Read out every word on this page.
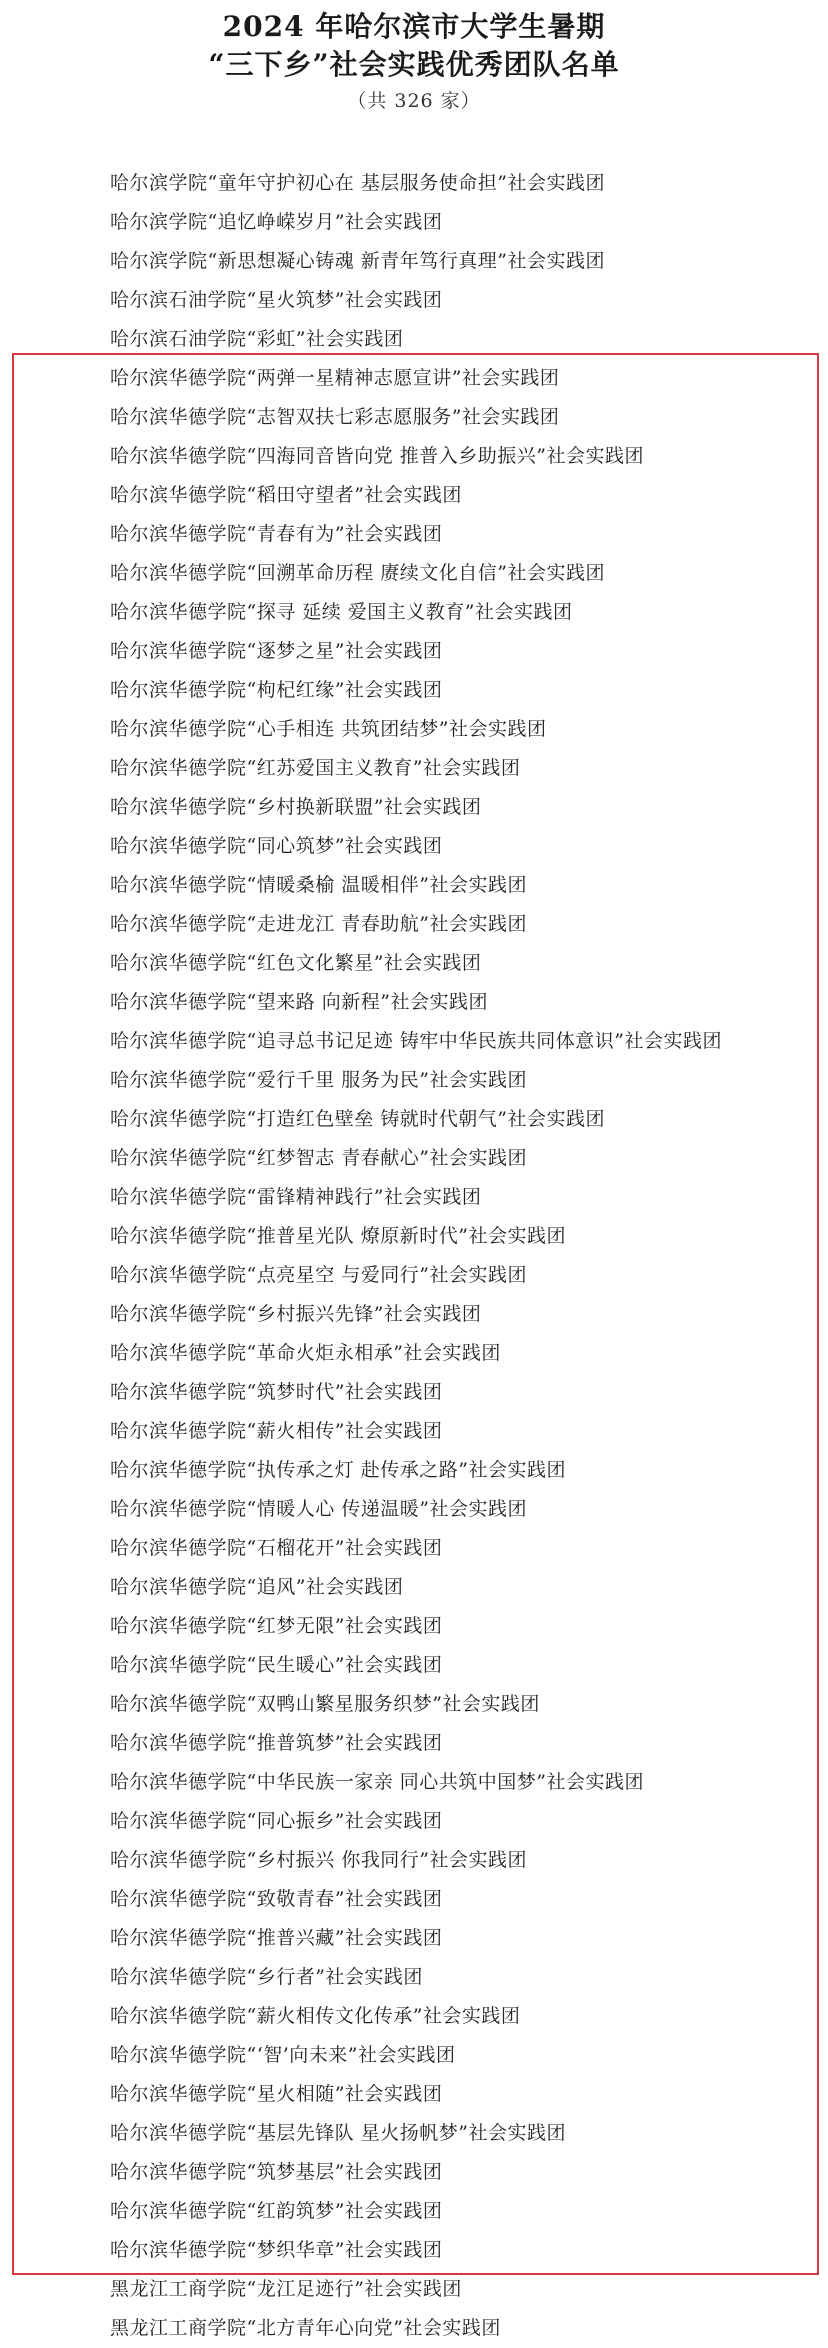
2024 年哈尔滨市大学生暑期
“三下乡”社会实践优秀团队名单
（共 326 家）
哈尔滨学院“童年守护初心在 基层服务使命担”社会实践团
哈尔滨学院“追忆峥嵘岁月”社会实践团
哈尔滨学院“新思想凝心铸魂 新青年笃行真理”社会实践团
哈尔滨石油学院“星火筑梦”社会实践团
哈尔滨石油学院“彩虹”社会实践团
哈尔滨华德学院“两弹一星精神志愿宣讲”社会实践团
哈尔滨华德学院“志智双扶七彩志愿服务”社会实践团
哈尔滨华德学院“四海同音皆向党 推普入乡助振兴”社会实践团
哈尔滨华德学院“稻田守望者”社会实践团
哈尔滨华德学院“青春有为”社会实践团
哈尔滨华德学院“回溯革命历程 赓续文化自信”社会实践团
哈尔滨华德学院“探寻 延续 爱国主义教育”社会实践团
哈尔滨华德学院“逐梦之星”社会实践团
哈尔滨华德学院“枸杞红缘”社会实践团
哈尔滨华德学院“心手相连 共筑团结梦”社会实践团
哈尔滨华德学院“红苏爱国主义教育”社会实践团
哈尔滨华德学院“乡村换新联盟”社会实践团
哈尔滨华德学院“同心筑梦”社会实践团
哈尔滨华德学院“情暖桑榆 温暖相伴”社会实践团
哈尔滨华德学院“走进龙江 青春助航”社会实践团
哈尔滨华德学院“红色文化繁星”社会实践团
哈尔滨华德学院“望来路 向新程”社会实践团
哈尔滨华德学院“追寻总书记足迹 铸牢中华民族共同体意识”社会实践团
哈尔滨华德学院“爱行千里 服务为民”社会实践团
哈尔滨华德学院“打造红色壁垒 铸就时代朝气”社会实践团
哈尔滨华德学院“红梦智志 青春献心”社会实践团
哈尔滨华德学院“雷锋精神践行”社会实践团
哈尔滨华德学院“推普星光队 燎原新时代”社会实践团
哈尔滨华德学院“点亮星空 与爱同行”社会实践团
哈尔滨华德学院“乡村振兴先锋”社会实践团
哈尔滨华德学院“革命火炬永相承”社会实践团
哈尔滨华德学院“筑梦时代”社会实践团
哈尔滨华德学院“薪火相传”社会实践团
哈尔滨华德学院“执传承之灯 赴传承之路”社会实践团
哈尔滨华德学院“情暖人心 传递温暖”社会实践团
哈尔滨华德学院“石榴花开”社会实践团
哈尔滨华德学院“追风”社会实践团
哈尔滨华德学院“红梦无限”社会实践团
哈尔滨华德学院“民生暖心”社会实践团
哈尔滨华德学院“双鸭山繁星服务织梦”社会实践团
哈尔滨华德学院“推普筑梦”社会实践团
哈尔滨华德学院“中华民族一家亲 同心共筑中国梦”社会实践团
哈尔滨华德学院“同心振乡”社会实践团
哈尔滨华德学院“乡村振兴 你我同行”社会实践团
哈尔滨华德学院“致敬青春”社会实践团
哈尔滨华德学院“推普兴藏”社会实践团
哈尔滨华德学院“乡行者”社会实践团
哈尔滨华德学院“薪火相传文化传承”社会实践团
哈尔滨华德学院“‘智’向未来”社会实践团
哈尔滨华德学院“星火相随”社会实践团
哈尔滨华德学院“基层先锋队 星火扬帆梦”社会实践团
哈尔滨华德学院“筑梦基层”社会实践团
哈尔滨华德学院“红韵筑梦”社会实践团
哈尔滨华德学院“梦织华章”社会实践团
黑龙江工商学院“龙江足迹行”社会实践团
黑龙江工商学院“北方青年心向党”社会实践团
